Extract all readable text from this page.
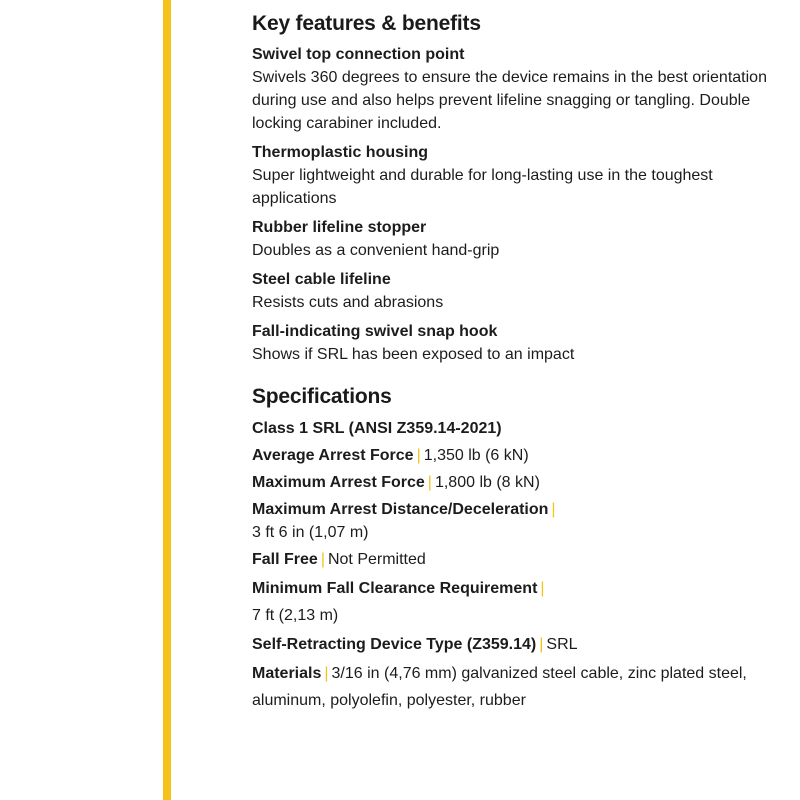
Key features & benefits
Swivel top connection point
Swivels 360 degrees to ensure the device remains in the best orientation during use and also helps prevent lifeline snagging or tangling. Double locking carabiner included.
Thermoplastic housing
Super lightweight and durable for long-lasting use in the toughest applications
Rubber lifeline stopper
Doubles as a convenient hand-grip
Steel cable lifeline
Resists cuts and abrasions
Fall-indicating swivel snap hook
Shows if SRL has been exposed to an impact
Specifications
Class 1 SRL (ANSI Z359.14-2021)
Average Arrest Force | 1,350 lb (6 kN)
Maximum Arrest Force | 1,800 lb (8 kN)
Maximum Arrest Distance/Deceleration |
3 ft 6 in (1,07 m)
Fall Free | Not Permitted
Minimum Fall Clearance Requirement |
7 ft (2,13 m)
Self-Retracting Device Type (Z359.14) | SRL
Materials | 3/16 in (4,76 mm) galvanized steel cable, zinc plated steel, aluminum, polyolefin, polyester, rubber
